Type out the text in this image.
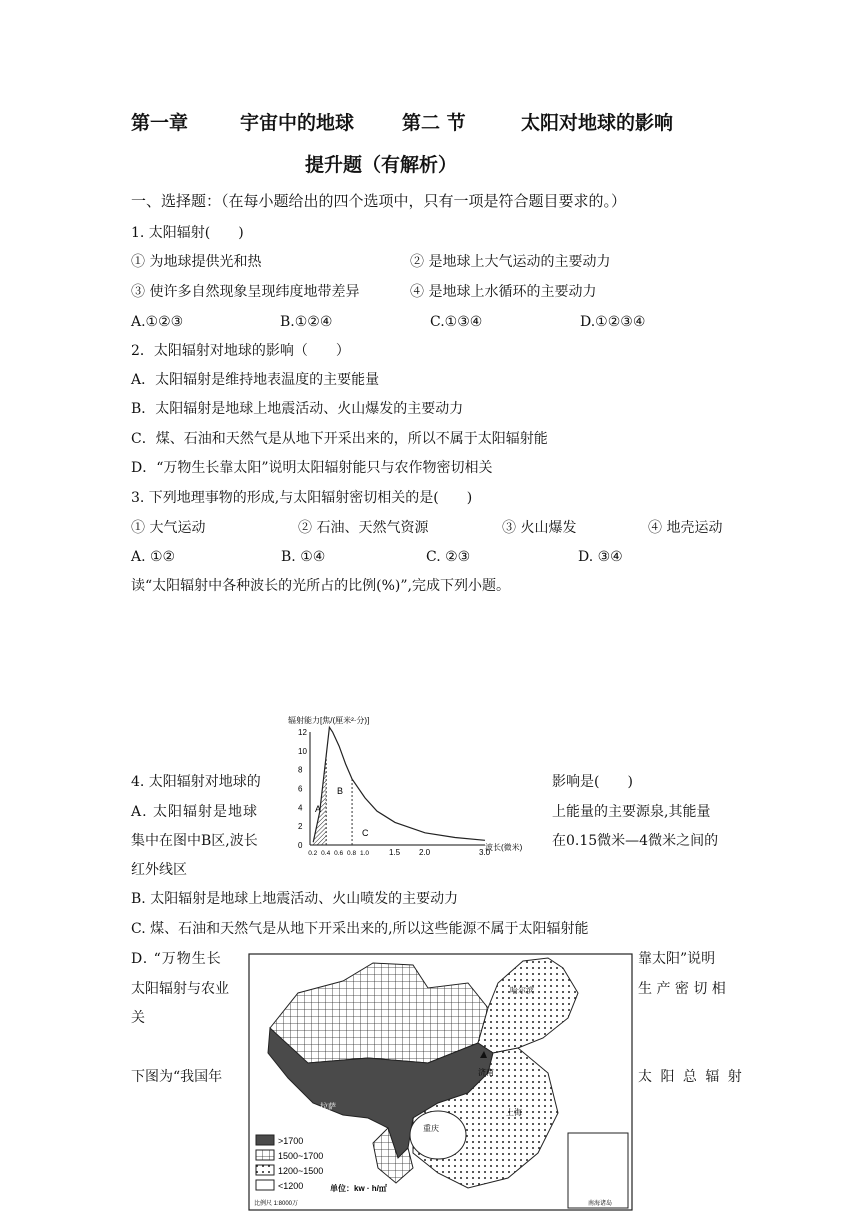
第一章	宇宙中的地球	第二 节	太阳对地球的影响
提升题（有解析）
一、选择题：（在每小题给出的四个选项中，只有一项是符合题目要求的。）
1. 太阳辐射(　　)
① 为地球提供光和热	② 是地球上大气运动的主要动力
③ 使许多自然现象呈现纬度地带差异	④ 是地球上水循环的主要动力
A.①②③	B.①②④	C.①③④	D.①②③④
2．太阳辐射对地球的影响（　　）
A．太阳辐射是维持地表温度的主要能量
B．太阳辐射是地球上地震活动、火山爆发的主要动力
C．煤、石油和天然气是从地下开采出来的，所以不属于太阳辐射能
D．“万物生长靠太阳”说明太阳辐射能只与农作物密切相关
3. 下列地理事物的形成,与太阳辐射密切相关的是(　　)
① 大气运动	② 石油、天然气资源	③ 火山爆发	④ 地壳运动
A. ①②	B. ①④	C. ②③	D. ③④
读“太阳辐射中各种波长的光所占的比例(%)”,完成下列小题。
4. 太阳辐射对地球的	影响是(　　)
A. 太阳辐射是地球	上能量的主要源泉,其能量
集中在图中B区,波长	在0.15微米—4微米之间的
红外线区
B. 太阳辐射是地球上地震活动、火山喷发的主要动力
C. 煤、石油和天然气是从地下开采出来的,所以这些能源不属于太阳辐射能
D. “万物生长	靠太阳”说明
太阳辐射与农业	生 产 密 切 相
关
下图为“我国年	太 阳 总 辐 射
辐射能力[焦/(厘米²·分)]
12
10
8
6
4
2
0
0.2 0.4 0.6 0.8 1.0 1.5 2.0	3.0
A
B
C
波长(微米)
南海诸岛
哈尔滨
济南
上海
重庆
拉萨
>1700
1500~1700
1200~1500
<1200	单位：kw · h/㎡
比例尺 1:8000万
